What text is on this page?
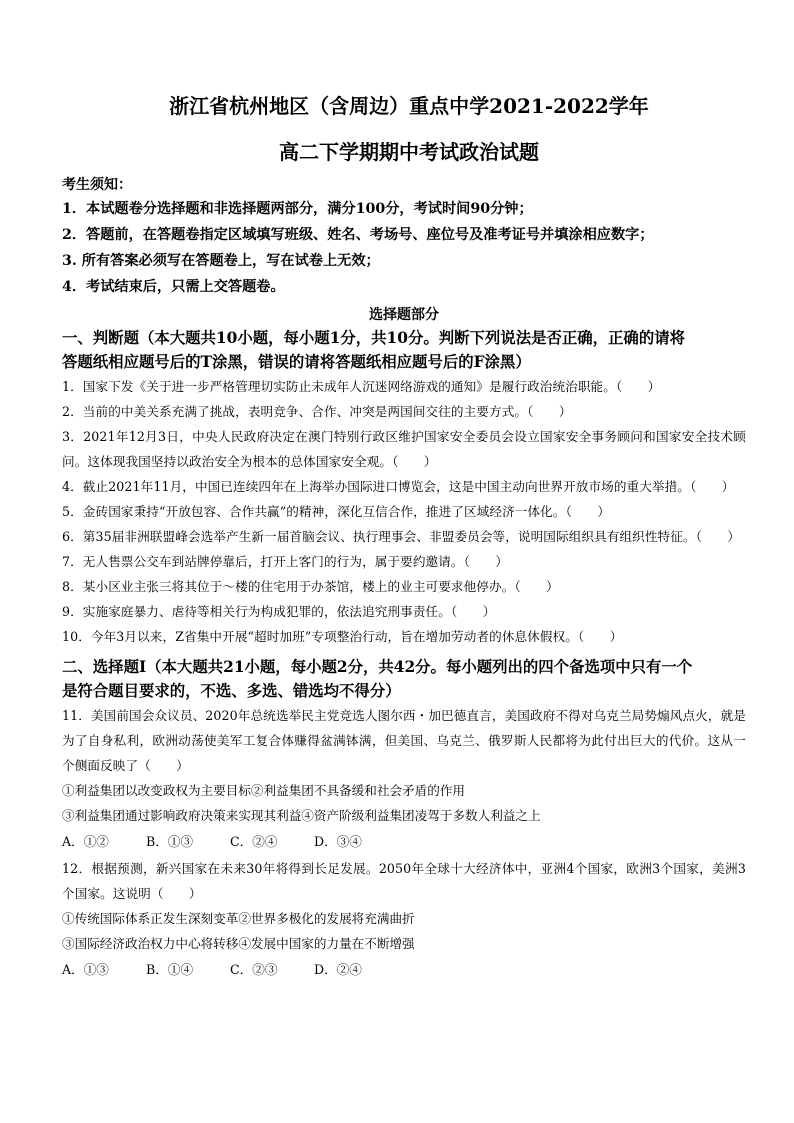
浙江省杭州地区（含周边）重点中学2021-2022学年
高二下学期期中考试政治试题
考生须知：
1．本试题卷分选择题和非选择题两部分，满分100分，考试时间90分钟；
2．答题前，在答题卷指定区域填写班级、姓名、考场号、座位号及准考证号并填涂相应数字；
3. 所有答案必须写在答题卷上，写在试卷上无效；
4．考试结束后，只需上交答题卷。
选择题部分
一、判断题（本大题共10小题，每小题1分，共10分。判断下列说法是否正确，正确的请将
答题纸相应题号后的T涂黑，错误的请将答题纸相应题号后的F涂黑）
1．国家下发《关于进一步严格管理切实防止未成年人沉迷网络游戏的通知》是履行政治统治职能。（　　）
2．当前的中美关系充满了挑战，表明竞争、合作、冲突是两国间交往的主要方式。（　　）
3．2021年12月3日，中央人民政府决定在澳门特别行政区维护国家安全委员会设立国家安全事务顾问和国家安全技术顾问。这体现我国坚持以政治安全为根本的总体国家安全观。（　　）
4．截止2021年11月，中国已连续四年在上海举办国际进口博览会，这是中国主动向世界开放市场的重大举措。（　　）
5．金砖国家秉持“开放包容、合作共赢”的精神，深化互信合作，推进了区域经济一体化。（　　）
6．第35届非洲联盟峰会选举产生新一届首脑会议、执行理事会、非盟委员会等，说明国际组织具有组织性特征。（　　）
7．无人售票公交车到站牌停靠后，打开上客门的行为，属于要约邀请。（　　）
8．某小区业主张三将其位于～楼的住宅用于办茶馆，楼上的业主可要求他停办。（　　）
9．实施家庭暴力、虐待等相关行为构成犯罪的，依法追究刑事责任。（　　）
10．今年3月以来，Z省集中开展“超时加班”专项整治行动，旨在增加劳动者的休息休假权。（　　）
二、选择题Ⅰ（本大题共21小题，每小题2分，共42分。每小题列出的四个备选项中只有一个
是符合题目要求的，不选、多选、错选均不得分）
11．美国前国会众议员、2020年总统选举民主党竞选人图尔西・加巴德直言，美国政府不得对乌克兰局势煽风点火，就是为了自身私利，欧洲动荡使美军工复合体赚得盆满钵满，但美国、乌克兰、俄罗斯人民都将为此付出巨大的代价。这从一个侧面反映了（　　）
①利益集团以改变政权为主要目标②利益集团不具备缓和社会矛盾的作用
③利益集团通过影响政府决策来实现其利益④资产阶级利益集团凌驾于多数人利益之上
A．①②	B．①③	C．②④	D．③④
12．根据预测，新兴国家在未来30年将得到长足发展。2050年全球十大经济体中，亚洲4个国家，欧洲3个国家，美洲3个国家。这说明（　　）
①传统国际体系正发生深刻变革②世界多极化的发展将充满曲折
③国际经济政治权力中心将转移④发展中国家的力量在不断增强
A．①③	B．①④	C．②③	D．②④
